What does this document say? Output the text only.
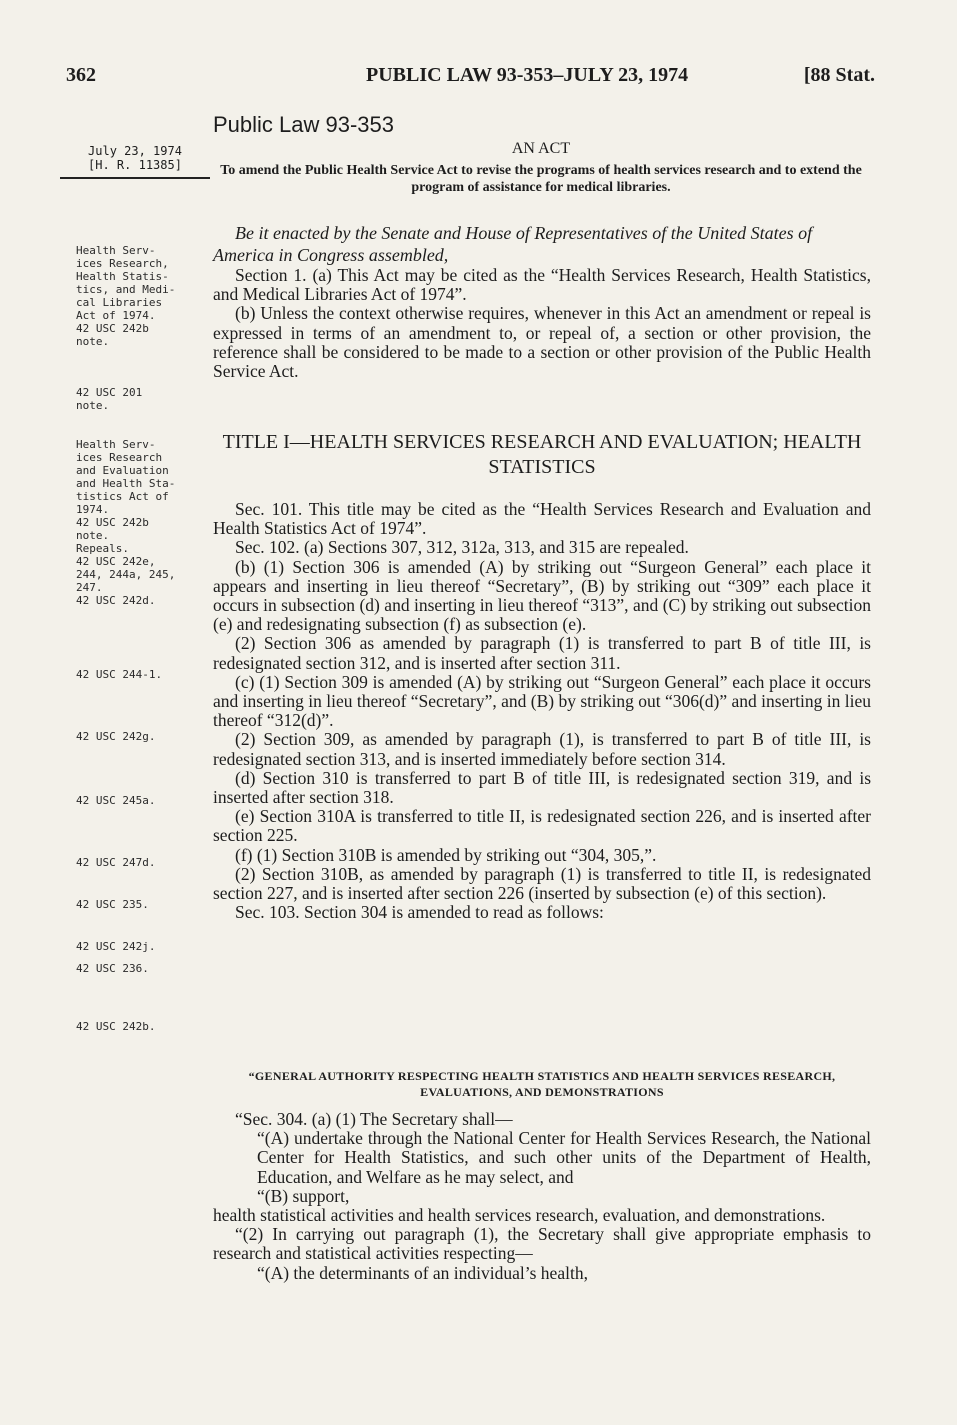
362	PUBLIC LAW 93-353–JULY 23, 1974	[88 Stat.
Public Law 93-353
July 23, 1974
[H. R. 11385]
AN ACT
To amend the Public Health Service Act to revise the programs of health services research and to extend the program of assistance for medical libraries.
Be it enacted by the Senate and House of Representatives of the United States of America in Congress assembled,
Health Serv-
ices Research,
Health Statis-
tics, and Medi-
cal Libraries
Act of 1974.
42 USC 242b
note.
42 USC 201
note.
Health Serv-
ices Research
and Evaluation
and Health Sta-
tistics Act of
1974.
42 USC 242b
note.
Repeals.
42 USC 242e,
244, 244a, 245,
247.
42 USC 242d.
42 USC 244-1.
42 USC 242g.
42 USC 245a.
42 USC 247d.
42 USC 235.
42 USC 242j.
42 USC 236.
42 USC 242b.

Section 1. (a) This Act may be cited as the “Health Services Research, Health Statistics, and Medical Libraries Act of 1974”.

(b) Unless the context otherwise requires, whenever in this Act an amendment or repeal is expressed in terms of an amendment to, or repeal of, a section or other provision, the reference shall be considered to be made to a section or other provision of the Public Health Service Act.

TITLE I—HEALTH SERVICES RESEARCH AND EVALUATION; HEALTH STATISTICS

Sec. 101. This title may be cited as the “Health Services Research and Evaluation and Health Statistics Act of 1974”.

Sec. 102. (a) Sections 307, 312, 312a, 313, and 315 are repealed.

(b) (1) Section 306 is amended (A) by striking out “Surgeon General” each place it appears and inserting in lieu thereof “Secretary”, (B) by striking out “309” each place it occurs in subsection (d) and inserting in lieu thereof “313”, and (C) by striking out subsection (e) and redesignating subsection (f) as subsection (e).

(2) Section 306 as amended by paragraph (1) is transferred to part B of title III, is redesignated section 312, and is inserted after section 311.

(c) (1) Section 309 is amended (A) by striking out “Surgeon General” each place it occurs and inserting in lieu thereof “Secretary”, and (B) by striking out “306(d)” and inserting in lieu thereof “312(d)”.

(2) Section 309, as amended by paragraph (1), is transferred to part B of title III, is redesignated section 313, and is inserted immediately before section 314.

(d) Section 310 is transferred to part B of title III, is redesignated section 319, and is inserted after section 318.

(e) Section 310A is transferred to title II, is redesignated section 226, and is inserted after section 225.

(f) (1) Section 310B is amended by striking out “304, 305,”.

(2) Section 310B, as amended by paragraph (1) is transferred to title II, is redesignated section 227, and is inserted after section 226 (inserted by subsection (e) of this section).

Sec. 103. Section 304 is amended to read as follows:

“GENERAL AUTHORITY RESPECTING HEALTH STATISTICS AND HEALTH SERVICES RESEARCH, EVALUATIONS, AND DEMONSTRATIONS

“Sec. 304. (a) (1) The Secretary shall—

“(A) undertake through the National Center for Health Services Research, the National Center for Health Statistics, and such other units of the Department of Health, Education, and Welfare as he may select, and

“(B) support,

health statistical activities and health services research, evaluation, and demonstrations.

“(2) In carrying out paragraph (1), the Secretary shall give appropriate emphasis to research and statistical activities respecting—

“(A) the determinants of an individual’s health,
